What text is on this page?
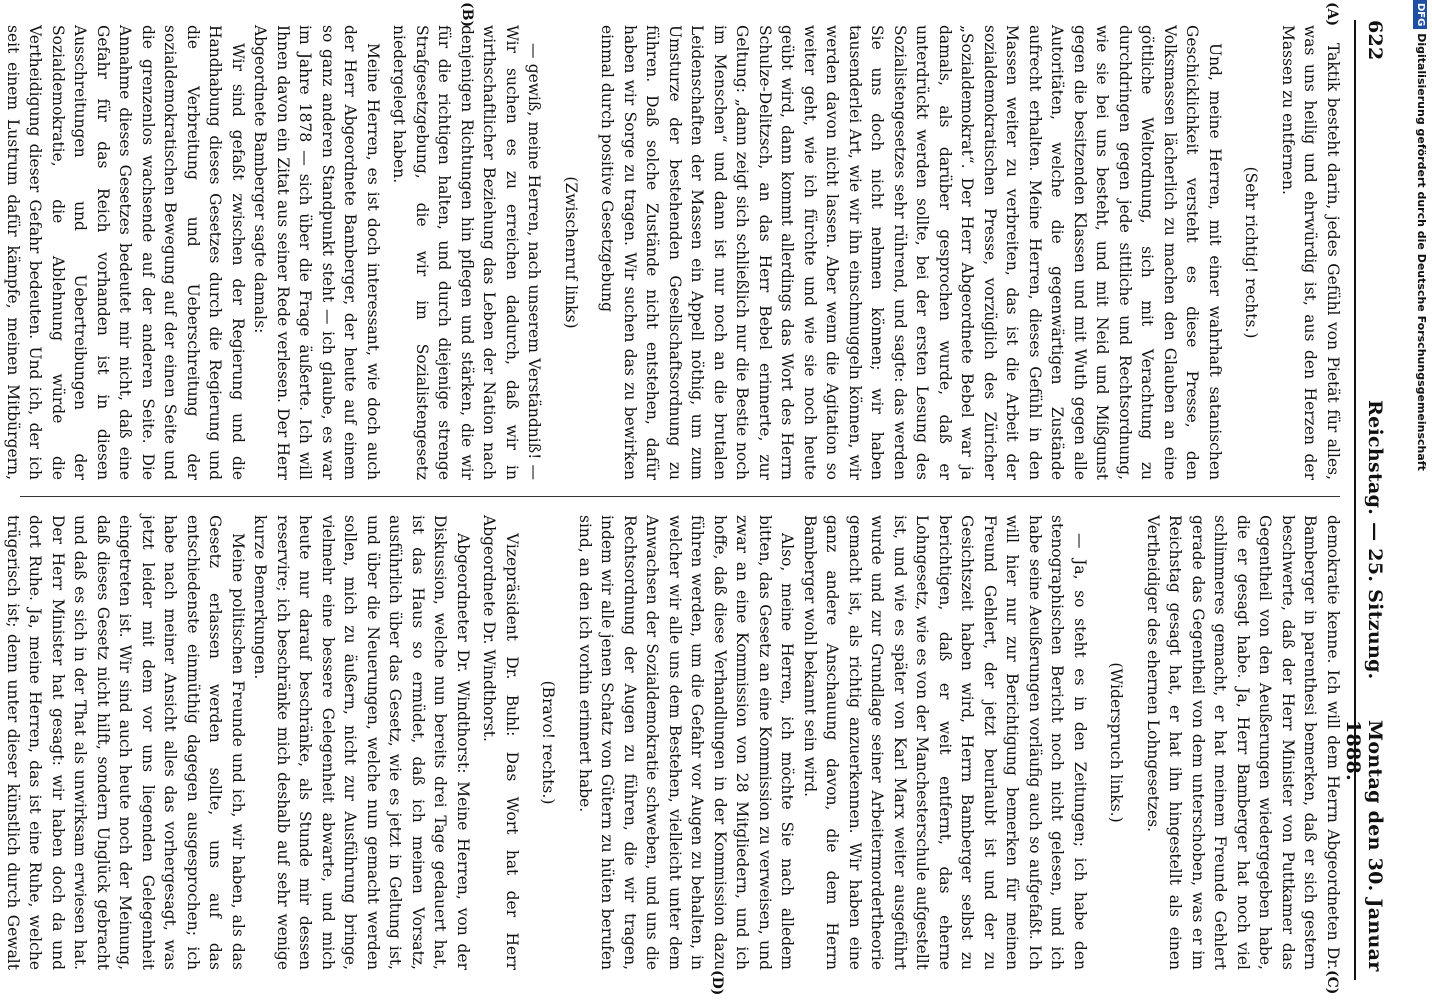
622
Reichstag. — 25. Sitzung.
Montag den 30. Januar 1888.
(A)
(B)
(C)
(D)

Taktik besteht darin, jedes Gefühl von Pietät für alles, was uns heilig und ehrwürdig ist, aus den Herzen der Massen zu entfernen.

(Sehr richtig! rechts.)

Und, meine Herren, mit einer wahrhaft satanischen Geschicklichkeit versteht es diese Presse, den Volksmassen lächerlich zu machen den Glauben an eine göttliche Weltordnung, sich mit Verachtung zu durchdringen gegen jede sittliche und Rechtsordnung, wie sie bei uns besteht, und mit Neid und Mißgunst gegen die besitzenden Klassen und mit Wuth gegen alle Autoritäten, welche die gegenwärtigen Zustände aufrecht erhalten. Meine Herren, dieses Gefühl in den Massen weiter zu verbreiten, das ist die Arbeit der sozialdemokratischen Presse, vorzüglich des Züricher „Sozialdemokrat“. Der Herr Abgeordnete Bebel war ja damals, als darüber gesprochen wurde, daß er unterdrückt werden sollte, bei der ersten Lesung des Sozialistengesetzes sehr rührend, und sagte: das werden Sie uns doch nicht nehmen können; wir haben tausenderlei Art, wie wir ihn einschmuggeln können, wir werden davon nicht lassen. Aber wenn die Agitation so weiter geht, wie ich fürchte und wie sie noch heute geübt wird, dann kommt allerdings das Wort des Herrn Schulze-Delitzsch, an das Herr Bebel erinnerte, zur Geltung: „dann zeigt sich schließlich nur die Bestie noch im Menschen“ und dann ist nur noch an die brutalen Leidenschaften der Massen ein Appell nöthig, um zum Umsturze der bestehenden Gesellschaftsordnung zu führen. Daß solche Zustände nicht entstehen, dafür haben wir Sorge zu tragen. Wir suchen das zu bewirken einmal durch positive Gesetzgebung

(Zwischenruf links)

— gewiß, meine Herren, nach unserem Verständniß! — Wir suchen es zu erreichen dadurch, daß wir in wirthschaftlicher Beziehung das Leben der Nation nach denjenigen Richtungen hin pflegen und stärken, die wir für die richtigen halten, und durch diejenige strenge Strafgesetzgebung, die wir im Sozialistengesetz niedergelegt haben.

Meine Herren, es ist doch interessant, wie doch auch der Herr Abgeordnete Bamberger, der heute auf einem so ganz anderen Standpunkt steht — ich glaube, es war im Jahre 1878 — sich über die Frage äußerte. Ich will Ihnen davon ein Zitat aus seiner Rede verlesen. Der Herr Abgeordnete Bamberger sagte damals:

Wir sind gefaßt zwischen der Regierung und die Handhabung dieses Gesetzes durch die Regierung und die Verbreitung und Ueberschreitung der sozialdemokratischen Bewegung auf der einen Seite und die grenzenlos wachsende auf der anderen Seite. Die Annahme dieses Gesetzes bedeutet mir nicht, daß eine Gefahr für das Reich vorhanden ist in diesen Ausschreitungen und Uebertreibungen der Sozialdemokratie, die Ablehnung würde die Vertheidigung dieser Gefahr bedeuten. Und ich, der ich seit einem Lustrum dafür kämpfe, meinen Mitbürgern,

demokratie kenne. Ich will dem Herrn Abgeordneten Dr. Bamberger in parenthesi bemerken, daß er sich gestern beschwerte, daß der Herr Minister von Puttkamer das Gegentheil von den Aeußerungen wiedergegeben habe, die er gesagt habe. Ja, Herr Bamberger hat noch viel schlimmeres gemacht, er hat meinem Freunde Gehlert gerade das Gegentheil von dem unterschoben, was er im Reichstag gesagt hat, er hat ihn hingestellt als einen Vertheidiger des ehernen Lohngesetzes.

(Widerspruch links.)

— Ja, so steht es in den Zeitungen; ich habe den stenographischen Bericht noch nicht gelesen, und ich habe seine Aeußerungen vorläufig auch so aufgefaßt. Ich will hier nur zur Berichtigung bemerken für meinen Freund Gehlert, der jetzt beurlaubt ist und der zu Gesichtszeit haben wird, Herrn Bamberger selbst zu berichtigen, daß er weit entfernt, das eherne Lohngesetz, wie es von der Manchesterschule aufgestellt ist, und wie es später von Karl Marx weiter ausgeführt wurde und zur Grundlage seiner Arbeitermordertheorie gemacht ist, als richtig anzuerkennen. Wir haben eine ganz andere Anschauung davon, die dem Herrn Bamberger wohl bekannt sein wird.

Also, meine Herren, ich möchte Sie nach alledem bitten, das Gesetz an eine Kommission zu verweisen, und zwar an eine Kommission von 28 Mitgliedern, und ich hoffe, daß diese Verhandlungen in der Kommission dazu führen werden, um die Gefahr vor Augen zu behalten, in welcher wir alle uns dem Bestehen, vielleicht unter dem Anwachsen der Sozialdemokratie schweben, und uns die Rechtsordnung der Augen zu führen, die wir tragen, indem wir alle jenen Schatz von Gütern zu hüten berufen sind, an den ich vorhin erinnert habe.

(Bravo! rechts.)

Vizepräsident Dr. Buhl: Das Wort hat der Herr Abgeordnete Dr. Windthorst.

Abgeordneter Dr. Windthorst: Meine Herren, von der Diskussion, welche nun bereits drei Tage gedauert hat, ist das Haus so ermüdet, daß ich meinen Vorsatz, ausführlich über das Gesetz, wie es jetzt in Geltung ist, und über die Neuerungen, welche nun gemacht werden sollen, mich zu äußern, nicht zur Ausführung bringe, vielmehr eine bessere Gelegenheit abwarte, und mich heute nur darauf beschränke, als Stunde mir dessen reservire; ich beschränke mich deshalb auf sehr wenige kurze Bemerkungen.

Meine politischen Freunde und ich, wir haben, als das Gesetz erlassen werden sollte, uns auf das entschiedenste einmüthig dagegen ausgesprochen; ich habe nach meiner Ansicht alles das vorhergesagt, was jetzt leider mit dem vor uns liegenden Gelegenheit eingetreten ist. Wir sind auch heute noch der Meinung, daß dieses Gesetz nicht hilft, sondern Unglück gebracht und daß es sich in der That als unwirksam erwiesen hat. Der Herr Minister hat gesagt: wir haben doch da und dort Ruhe. Ja, meine Herren, das ist eine Ruhe, welche trügerisch ist; denn unter dieser künstlich durch Gewalt

DFG Digitalisierung gefördert durch die Deutsche Forschungsgemeinschaft
